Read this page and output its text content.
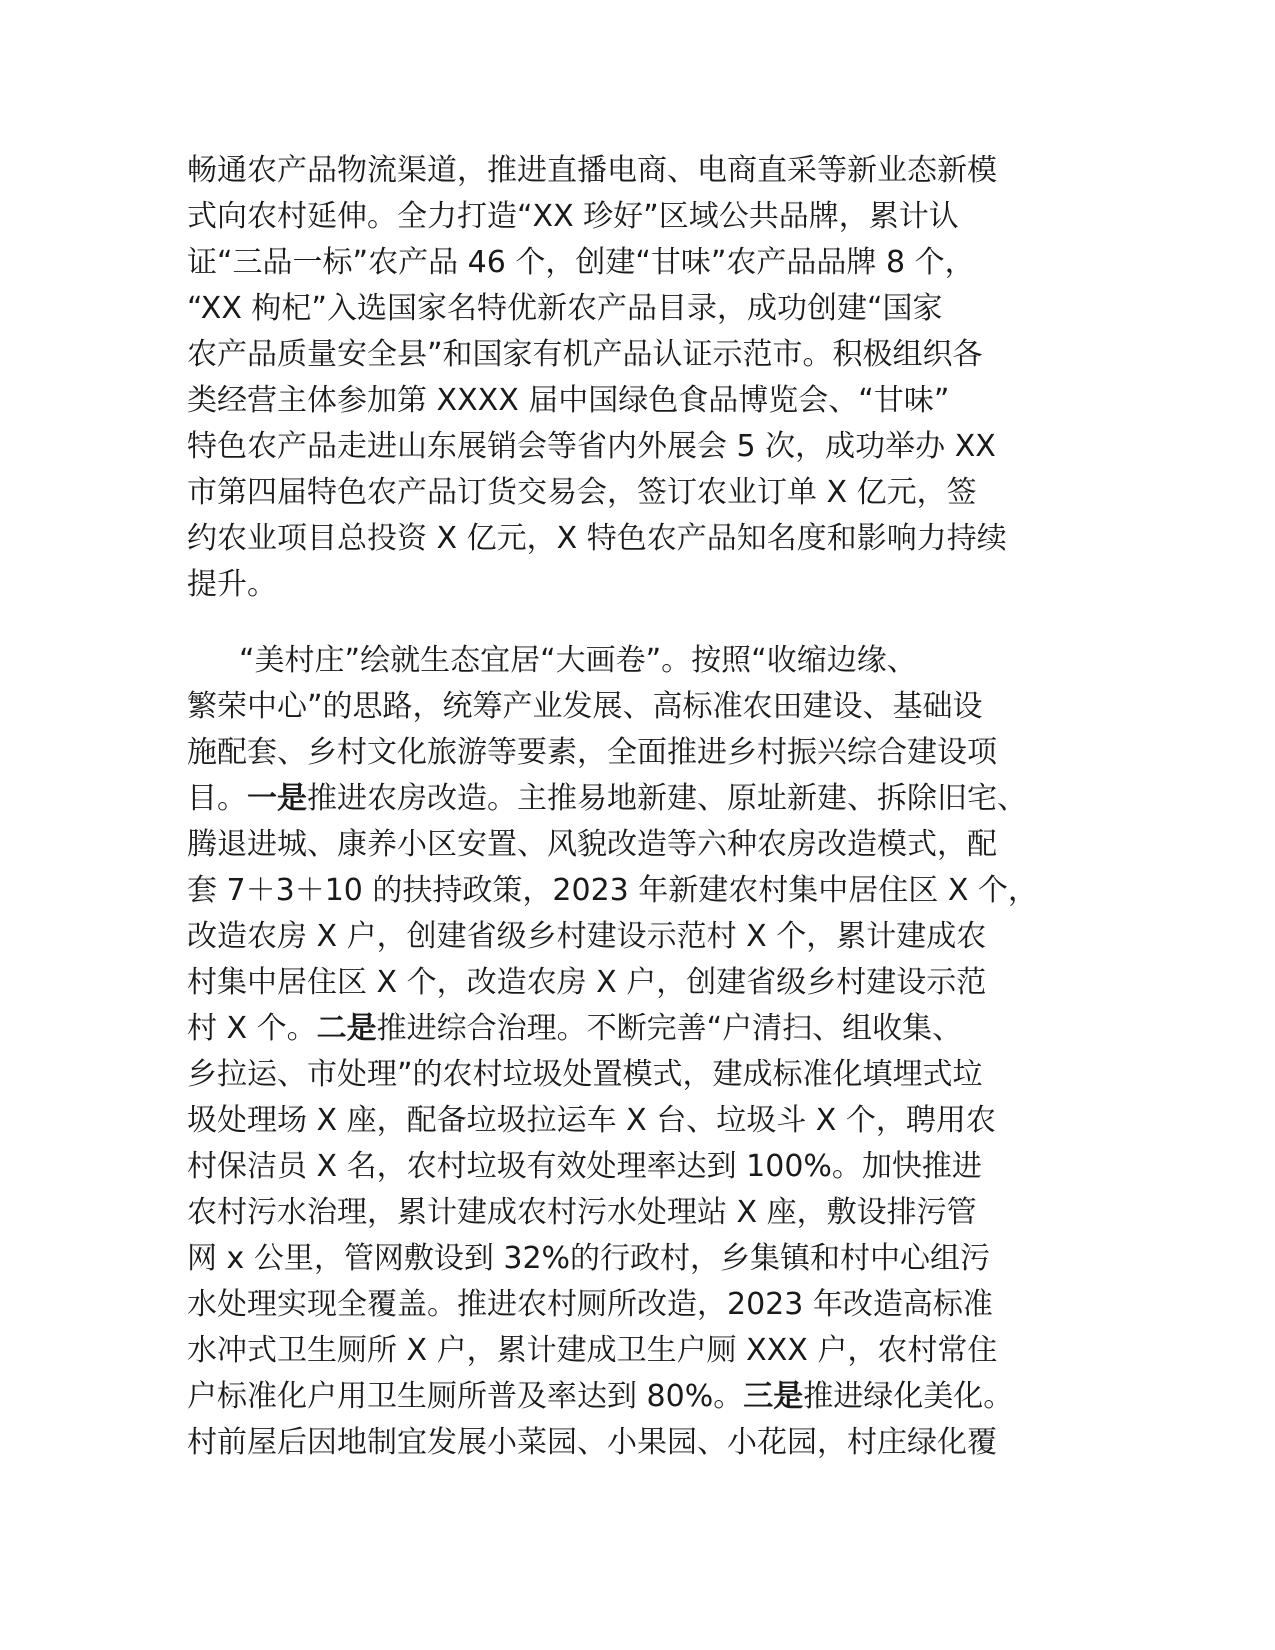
畅通农产品物流渠道，推进直播电商、电商直采等新业态新模
式向农村延伸。全力打造“XX 珍好”区域公共品牌，累计认
证“三品一标”农产品 46 个，创建“甘味”农产品品牌 8 个，
“XX 枸杞”入选国家名特优新农产品目录，成功创建“国家
农产品质量安全县”和国家有机产品认证示范市。积极组织各
类经营主体参加第 XXXX 届中国绿色食品博览会、“甘味”
特色农产品走进山东展销会等省内外展会 5 次，成功举办 XX
市第四届特色农产品订货交易会，签订农业订单 X 亿元，签
约农业项目总投资 X 亿元，X 特色农产品知名度和影响力持续
提升。
“美村庄”绘就生态宜居“大画卷”。按照“收缩边缘、
繁荣中心”的思路，统筹产业发展、高标准农田建设、基础设
施配套、乡村文化旅游等要素，全面推进乡村振兴综合建设项
目。一是推进农房改造。主推易地新建、原址新建、拆除旧宅、
腾退进城、康养小区安置、风貌改造等六种农房改造模式，配
套 7＋3＋10 的扶持政策，2023 年新建农村集中居住区 X 个，
改造农房 X 户，创建省级乡村建设示范村 X 个，累计建成农
村集中居住区 X 个，改造农房 X 户，创建省级乡村建设示范
村 X 个。二是推进综合治理。不断完善“户清扫、组收集、
乡拉运、市处理”的农村垃圾处置模式，建成标准化填埋式垃
圾处理场 X 座，配备垃圾拉运车 X 台、垃圾斗 X 个，聘用农
村保洁员 X 名，农村垃圾有效处理率达到 100%。加快推进
农村污水治理，累计建成农村污水处理站 X 座，敷设排污管
网 x 公里，管网敷设到 32%的行政村，乡集镇和村中心组污
水处理实现全覆盖。推进农村厕所改造，2023 年改造高标准
水冲式卫生厕所 X 户，累计建成卫生户厕 XXX 户，农村常住
户标准化户用卫生厕所普及率达到 80%。三是推进绿化美化。
村前屋后因地制宜发展小菜园、小果园、小花园，村庄绿化覆
